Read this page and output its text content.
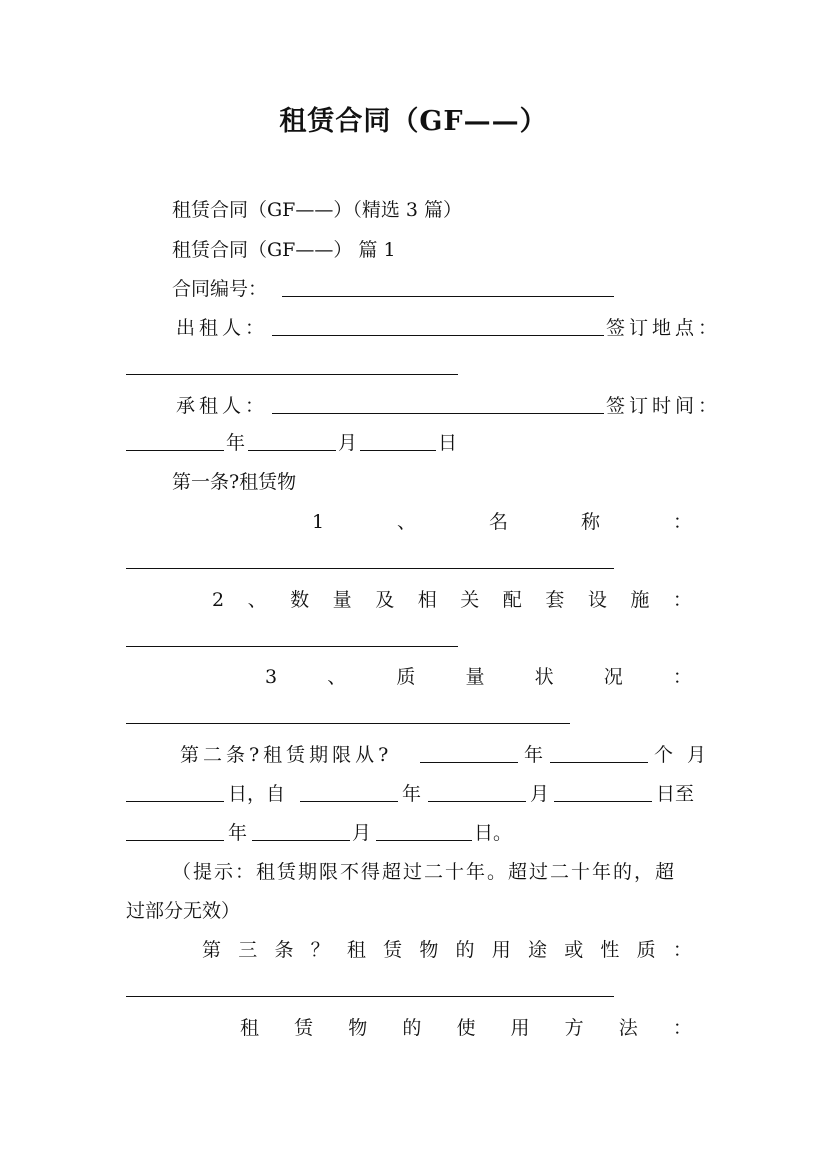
租赁合同（GF——）
租赁合同（GF——）（精选 3 篇）
租赁合同（GF——） 篇 1
合同编号：
出租人：	签订地点：
承租人：	签订时间：
年	月	日
第一条?租赁物
1	、	名	称	：
2 、 数 量 及 相 关 配 套 设 施 ：
3	、	质	量	状	况	：
第二条?租赁期限从?	年	个 月
日，自	年	月	日至
年	月	日。
（提示：租赁期限不得超过二十年。超过二十年的，超
过部分无效）
第 三 条 ？ 租 赁 物 的 用 途 或 性 质 ：
租 赁 物 的 使 用 方 法 ：
